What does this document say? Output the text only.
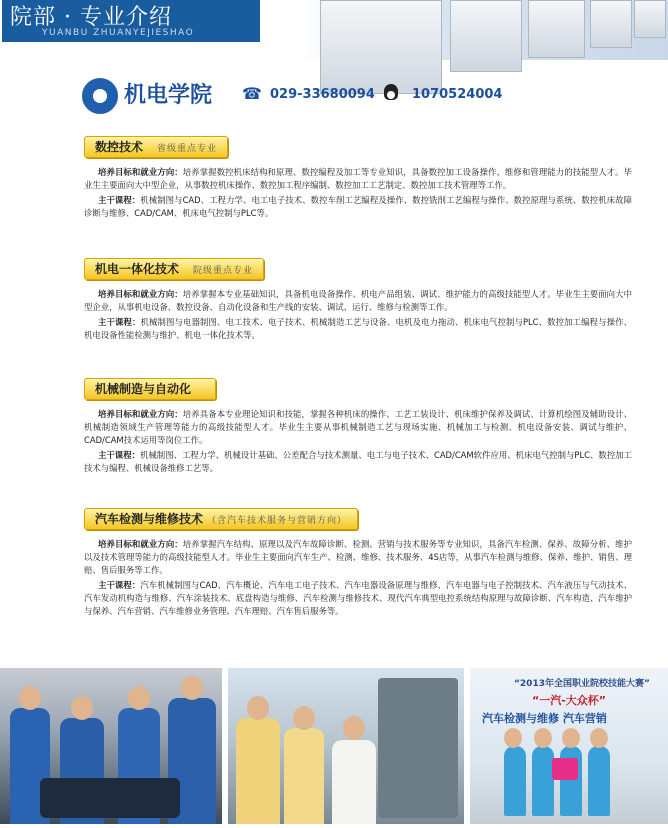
院部 · 专业介绍
YUANBU ZHUANYEJIESHAO
机电学院 ☎ 029-33680094	1070524004
数控技术 省级重点专业

培养目标和就业方向：培养掌握数控机床结构和原理、数控编程及加工等专业知识，具备数控加工设备操作、维修和管理能力的技能型人才。毕业生主要面向大中型企业，从事数控机床操作、数控加工程序编制、数控加工工艺制定、数控加工技术管理等工作。

主干课程：机械制图与CAD、工程力学、电工电子技术、数控车削工艺编程及操作、数控铣削工艺编程与操作、数控原理与系统、数控机床故障诊断与维修、CAD/CAM、机床电气控制与PLC等。

机电一体化技术 院级重点专业

培养目标和就业方向：培养掌握本专业基础知识，具备机电设备操作、机电产品组装、调试、维护能力的高级技能型人才。毕业生主要面向大中型企业，从事机电设备、数控设备、自动化设备和生产线的安装、调试、运行、维修与检测等工作。

主干课程：机械制图与电器制图、电工技术、电子技术、机械制造工艺与设备、电机及电力拖动、机床电气控制与PLC、数控加工编程与操作、机电设备性能检测与维护、机电一体化技术等。

机械制造与自动化

培养目标和就业方向：培养具备本专业理论知识和技能，掌握各种机床的操作、工艺工装设计、机床维护保养及调试、计算机绘图及辅助设计、机械制造领域生产管理等能力的高级技能型人才。毕业生主要从事机械制造工艺与现场实施、机械加工与检测、机电设备安装、调试与维护、CAD/CAM技术运用等岗位工作。

主干课程：机械制图、工程力学、机械设计基础、公差配合与技术测量、电工与电子技术、CAD/CAM软件应用、机床电气控制与PLC、数控加工技术与编程、机械设备维修工艺等。

汽车检测与维修技术 （含汽车技术服务与营销方向）

培养目标和就业方向：培养掌握汽车结构、原理以及汽车故障诊断、检测、营销与技术服务等专业知识，具备汽车检测、保养、故障分析、维护以及技术管理等能力的高级技能型人才。毕业生主要面向汽车生产、检测、维修、技术服务、4S店等，从事汽车检测与维修、保养、维护、销售、理赔、售后服务等工作。

主干课程：汽车机械制图与CAD、汽车概论、汽车电工电子技术、汽车电器设备原理与维修、汽车电器与电子控制技术、汽车液压与气动技术、汽车发动机构造与维修、汽车涂装技术、底盘构造与维修、汽车检测与维修技术、现代汽车典型电控系统结构原理与故障诊断、汽车构造、汽车维护与保养、汽车营销、汽车维修业务管理、汽车理赔、汽车售后服务等。

“2013年全国职业院校技能大赛”
“一汽-大众杯”
汽车检测与维修 汽车营销
